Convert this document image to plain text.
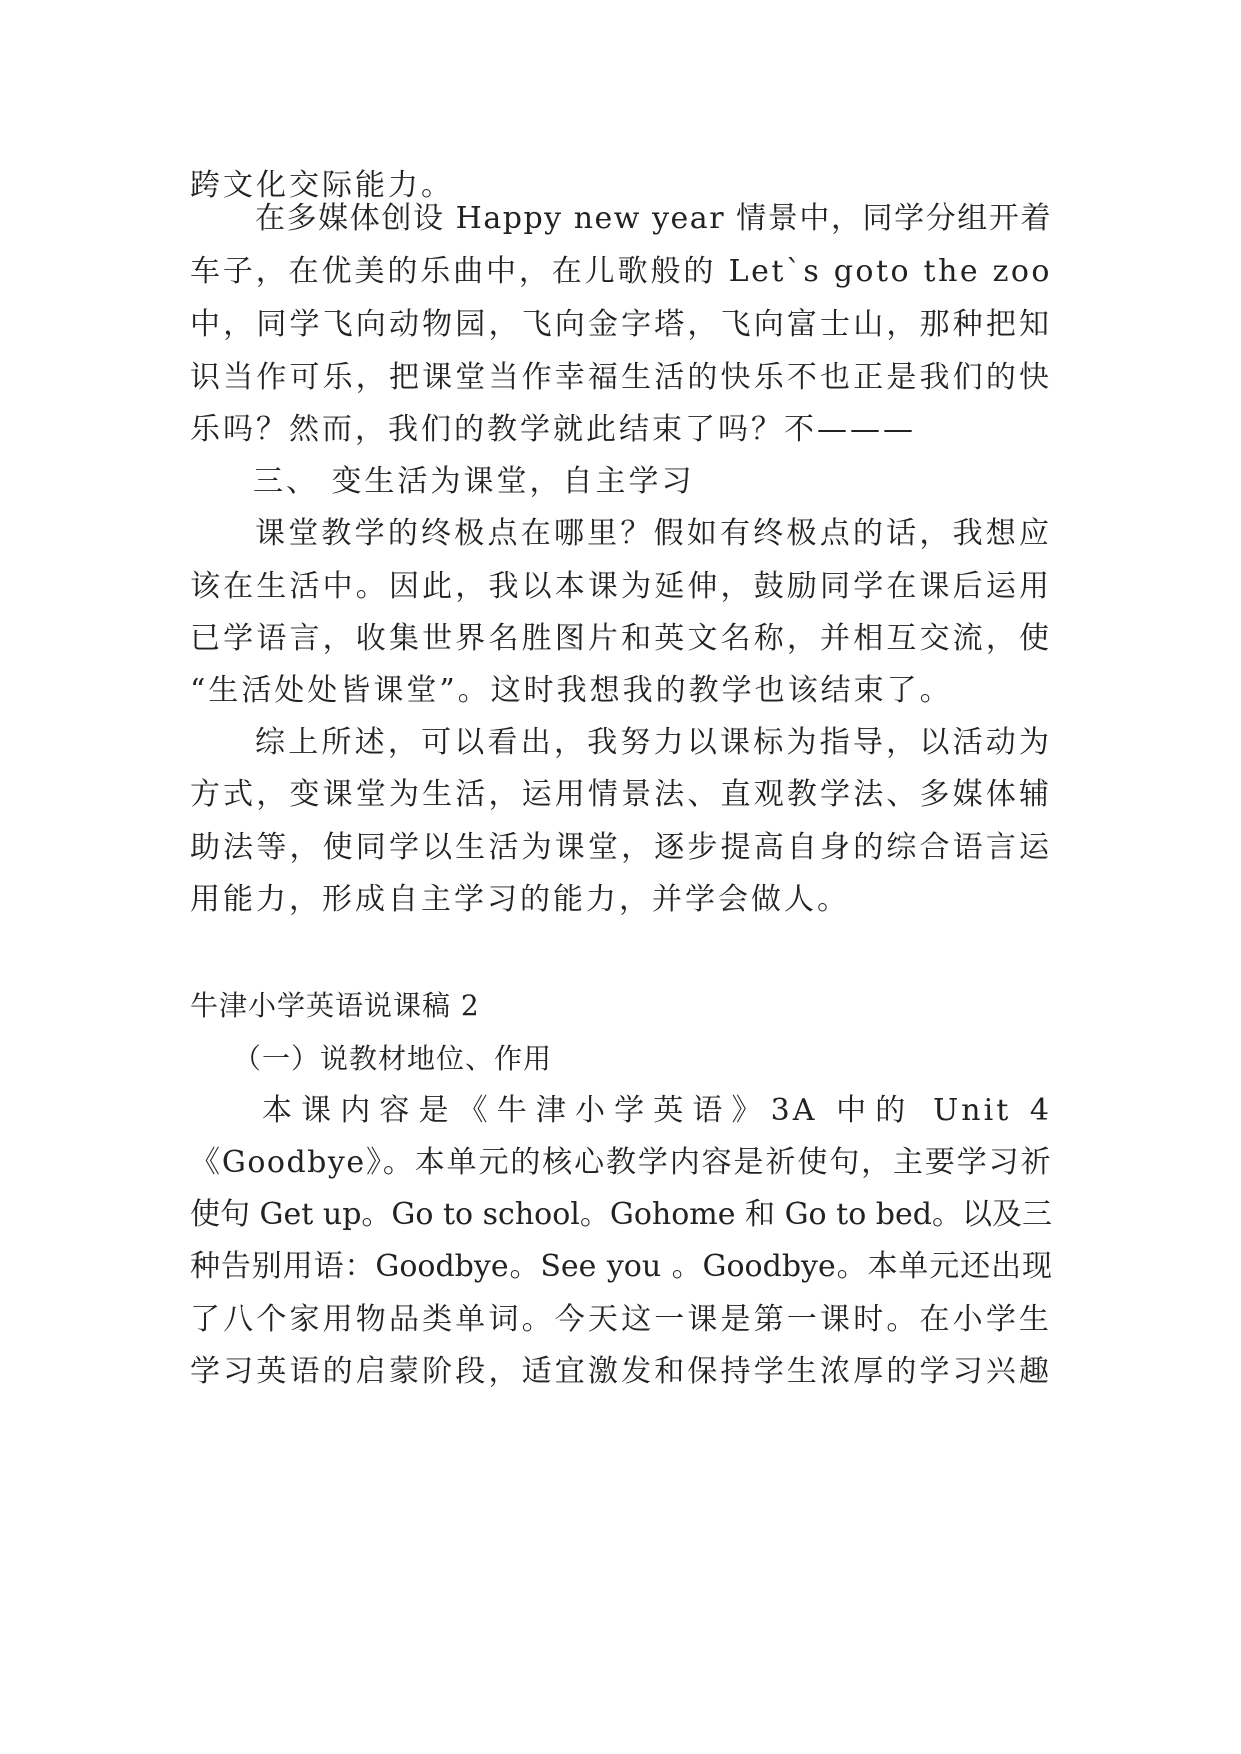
跨文化交际能力。
在多媒体创设 Happy new year 情景中，同学分组开着
车子，在优美的乐曲中，在儿歌般的 Let`s goto the zoo
中，同学飞向动物园，飞向金字塔，飞向富士山，那种把知
识当作可乐，把课堂当作幸福生活的快乐不也正是我们的快
乐吗？然而，我们的教学就此结束了吗？不———
三、 变生活为课堂，自主学习
课堂教学的终极点在哪里？假如有终极点的话，我想应
该在生活中。因此，我以本课为延伸，鼓励同学在课后运用
已学语言，收集世界名胜图片和英文名称，并相互交流，使
“生活处处皆课堂”。这时我想我的教学也该结束了。
综上所述，可以看出，我努力以课标为指导，以活动为
方式，变课堂为生活，运用情景法、直观教学法、多媒体辅
助法等，使同学以生活为课堂，逐步提高自身的综合语言运
用能力，形成自主学习的能力，并学会做人。
牛津小学英语说课稿 2
（一）说教材地位、作用
本课内容是《牛津小学英语》3A 中的 Unit 4
《Goodbye》。本单元的核心教学内容是祈使句，主要学习祈
使句 Get up。Go to school。Gohome 和 Go to bed。以及三
种告别用语：Goodbye。See you 。Goodbye。本单元还出现
了八个家用物品类单词。今天这一课是第一课时。在小学生
学习英语的启蒙阶段，适宜激发和保持学生浓厚的学习兴趣
